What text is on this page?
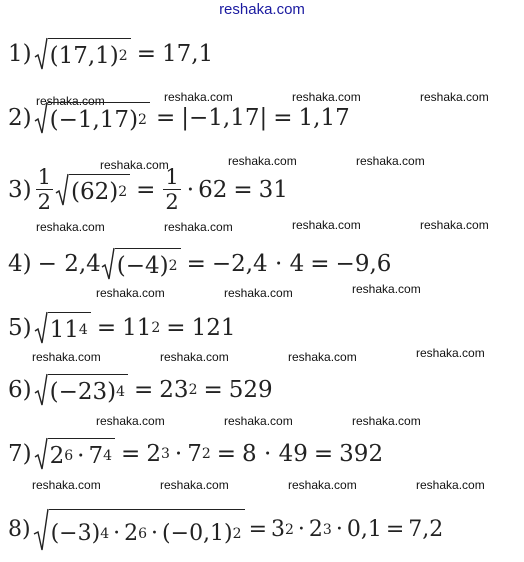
reshaka.com
reshaka.com	reshaka.com	reshaka.com	reshaka.com
reshaka.com	reshaka.com	reshaka.com
reshaka.com	reshaka.com	reshaka.com	reshaka.com
reshaka.com	reshaka.com	reshaka.com
reshaka.com	reshaka.com	reshaka.com	reshaka.com
reshaka.com	reshaka.com	reshaka.com
reshaka.com	reshaka.com	reshaka.com	reshaka.com
1) (17,1) 2 = 17,1
2) (−1,17) 2 = |−1,17| = 1,17
$3) \frac{1}{2} (62) 2 = \frac{1}{2} \cdot 62 = 31$
4) − 2,4 (−4) 2 = −2,4 · 4 = −9,6
5) 11 4 = 11 2 = 121
6) (−23) 4 = 23 2 = 529
7) 2 6 · 7 4 = 2 3 · 7 2 = 8 · 49 = 392
8) (−3) 4 · 2 6 · (−0,1) 2 = 3 2 · 2 3 · 0,1 = 7,2
